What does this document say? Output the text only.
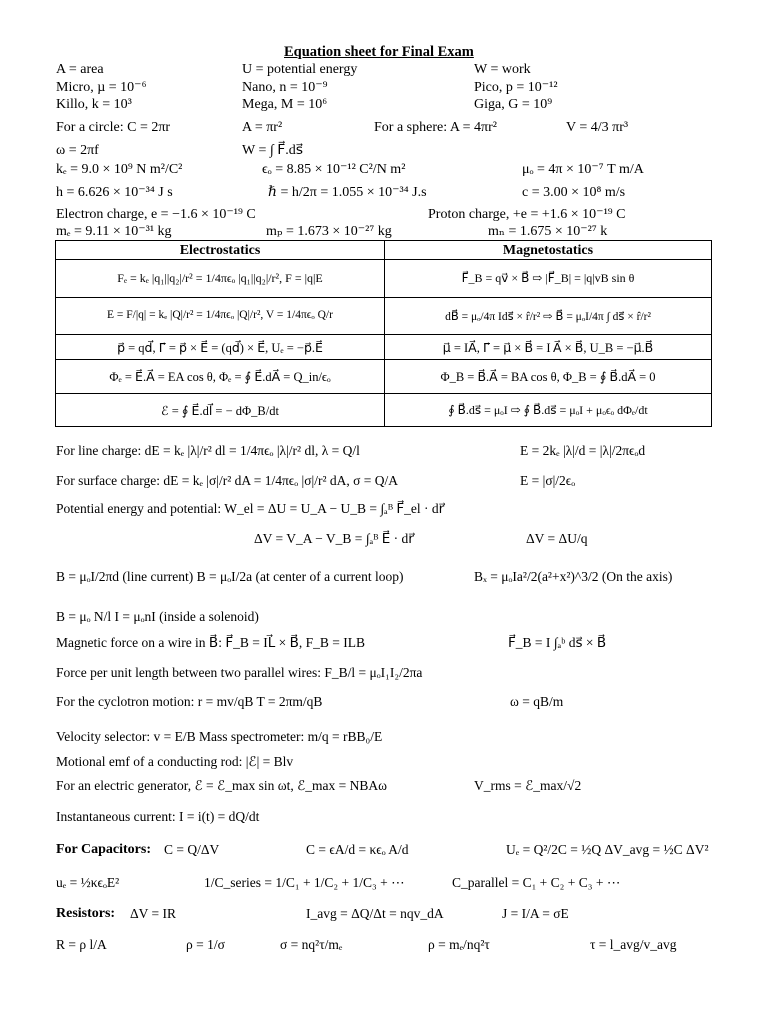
Equation sheet for Final Exam
A = area	U = potential energy	W = work
Micro, µ = 10⁻⁶	Nano, n = 10⁻⁹	Pico, p = 10⁻¹²
Killo, k = 10³	Mega, M = 10⁶	Giga, G = 10⁹
For a circle: C = 2πr	A = πr²	For a sphere: A = 4πr²	V = 4/3 πr³
ω = 2πf	W = ∫ F⃗.ds⃗
kₑ = 9.0 × 10⁹ N m²/C²	ϵₒ = 8.85 × 10⁻¹² C²/N m²	μₒ = 4π × 10⁻⁷ T m/A
h = 6.626 × 10⁻³⁴ J s	ℏ = h/2π = 1.055 × 10⁻³⁴ J.s	c = 3.00 × 10⁸ m/s
Electron charge, e = −1.6 × 10⁻¹⁹ C	Proton charge, +e = +1.6 × 10⁻¹⁹ C
mₑ = 9.11 × 10⁻³¹ kg	mₚ = 1.673 × 10⁻²⁷ kg	mₙ = 1.675 × 10⁻²⁷ k
Electrostatics	Magnetostatics
Fₑ = kₑ |q₁||q₂|/r² = 1/4πϵₒ |q₁||q₂|/r², F = |q|E	F⃗_B = qv⃗ × B⃗ ⇨ |F⃗_B| = |q|vB sin θ
E = F/|q| = kₑ |Q|/r² = 1/4πϵₒ |Q|/r², V = 1/4πϵₒ Q/r	dB⃗ = μₒ/4π Ids⃗ × r̂/r² ⇨ B⃗ = μₒI/4π ∫ ds⃗ × r̂/r²
p⃗ = qd⃗, Γ⃗ = p⃗ × E⃗ = (qd⃗) × E⃗, Uₑ = −p⃗.E⃗	μ⃗ = IA⃗, Γ⃗ = μ⃗ × B⃗ = I A⃗ × B⃗, U_B = −μ⃗.B⃗
Φₑ = E⃗.A⃗ = EA cos θ, Φₑ = ∮ E⃗.dA⃗ = Q_in/ϵₒ	Φ_B = B⃗.A⃗ = BA cos θ, Φ_B = ∮ B⃗.dA⃗ = 0
ℰ = ∮ E⃗.dl⃗ = − dΦ_B/dt	∮ B⃗.ds⃗ = μₒI ⇨ ∮ B⃗.ds⃗ = μₒI + μₒϵₒ dΦₑ/dt
For line charge: dE = kₑ |λ|/r² dl = 1/4πϵₒ |λ|/r² dl, λ = Q/l	E = 2kₑ |λ|/d = |λ|/2πϵₒd
For surface charge: dE = kₑ |σ|/r² dA = 1/4πϵₒ |σ|/r² dA, σ = Q/A	E = |σ|/2ϵₒ
Potential energy and potential: W_el = ΔU = U_A − U_B = ∫ₐᴮ F⃗_el · dr⃗
ΔV = V_A − V_B = ∫ₐᴮ E⃗ · dr⃗	ΔV = ΔU/q
B = μₒI/2πd (line current) B = μₒI/2a (at center of a current loop)	Bₓ = μₒIa²/2(a²+x²)^3/2 (On the axis)
B = μₒ N/l I = μₒnI (inside a solenoid)
Magnetic force on a wire in B⃗: F⃗_B = IL⃗ × B⃗, F_B = ILB	F⃗_B = I ∫ₐᵇ ds⃗ × B⃗
Force per unit length between two parallel wires: F_B/l = μₒI₁I₂/2πa
For the cyclotron motion: r = mv/qB T = 2πm/qB	ω = qB/m
Velocity selector: v = E/B Mass spectrometer: m/q = rBB₀/E
Motional emf of a conducting rod: |ℰ| = Blv
For an electric generator, ℰ = ℰ_max sin ωt, ℰ_max = NBAω	V_rms = ℰ_max/√2
Instantaneous current: I = i(t) = dQ/dt
For Capacitors: C = Q/ΔV	C = ϵA/d = κϵₒ A/d	Uₑ = Q²/2C = ½Q ΔV_avg = ½C ΔV²
uₑ = ½κϵₒE²	1/C_series = 1/C₁ + 1/C₂ + 1/C₃ + ⋯	C_parallel = C₁ + C₂ + C₃ + ⋯
Resistors: ΔV = IR	I_avg = ΔQ/Δt = nqv_dA	J = I/A = σE
R = ρ l/A	ρ = 1/σ	σ = nq²τ/mₑ	ρ = mₑ/nq²τ	τ = l_avg/v_avg
